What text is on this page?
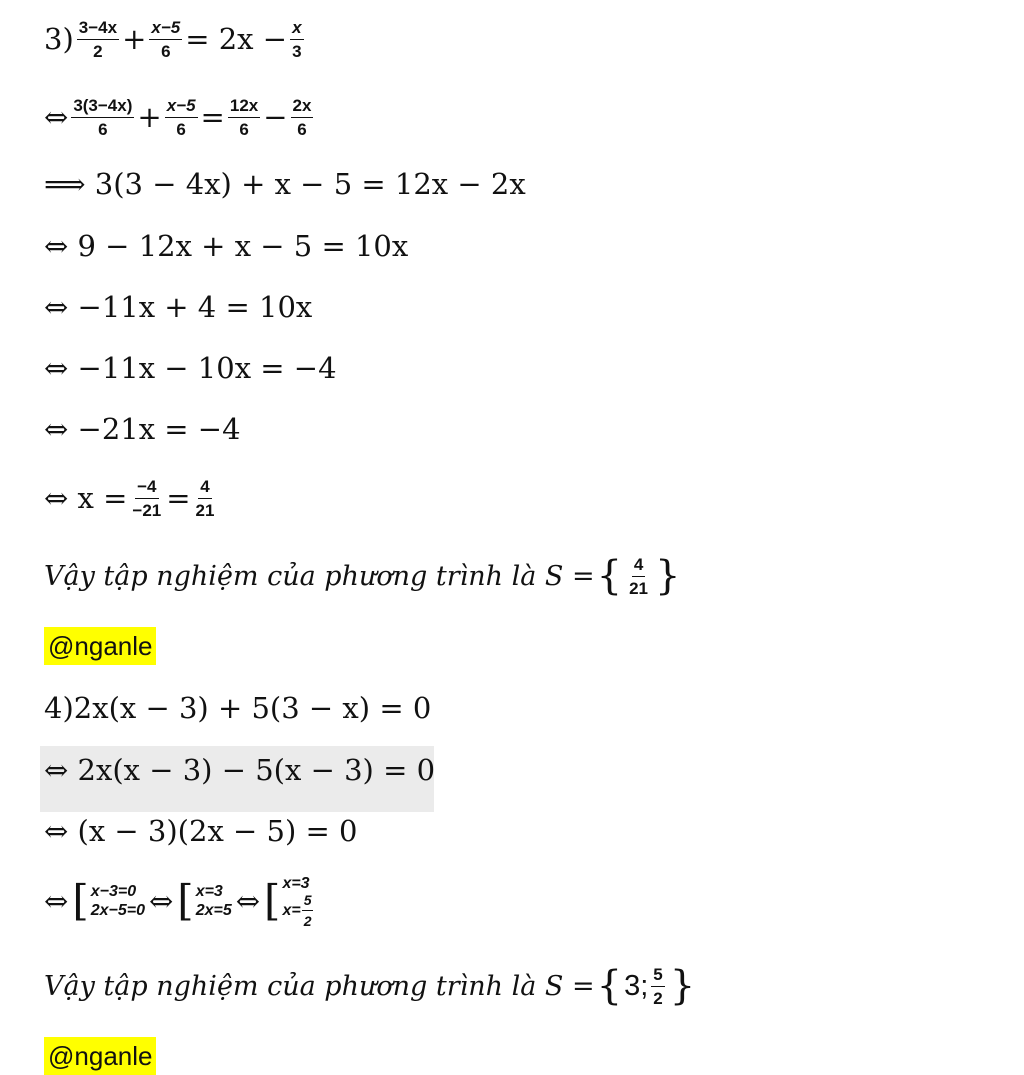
$3) \frac{3-4x}{2} + \frac{x-5}{6} = 2x - \frac{x}{3}$
⇔ $\frac{3(3-4x)}{6} + \frac{x-5}{6} = \frac{12x}{6} - \frac{2x}{6}$
⟹ 3(3 − 4x) + x − 5 = 12x − 2x
⇔ 9 − 12x + x − 5 = 10x
⇔ −11x + 4 = 10x
⇔ −11x − 10x = −4
⇔ −21x = −4
⇔ $x = \frac{-4}{-21} = \frac{4}{21}$
Vậy tập nghiệm của phương trình là S = { $\frac{4}{21}$ }
@nganle
4)2x(x − 3) + 5(3 − x) = 0
⇔ 2x(x − 3) − 5(x − 3) = 0
⇔ (x − 3)(2x − 5) = 0
⇔ [ x−3=0
2x−5=0 ⇔ [ x=3
2x=5 ⇔ [ x=3
$x= \frac{5}{2}$
Vậy tập nghiệm của phương trình là S = { 3; $\frac{5}{2}$ }
@nganle
